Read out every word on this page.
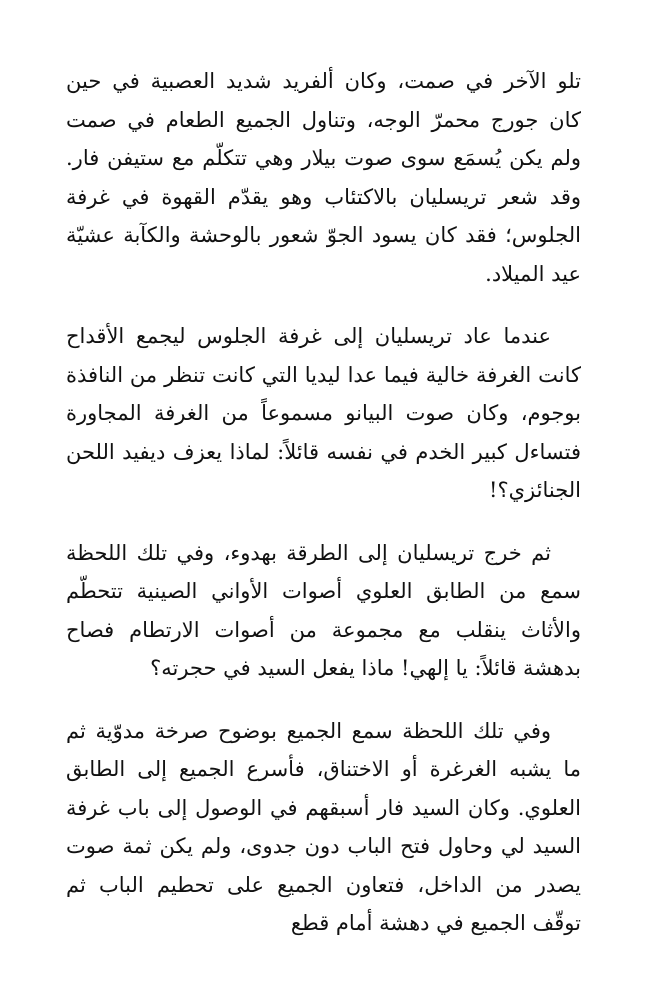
تلو الآخر في صمت، وكان ألفريد شديد العصبية في حين كان جورج محمرّ الوجه، وتناول الجميع الطعام في صمت ولم يكن يُسمَع سوى صوت بيلار وهي تتكلّم مع ستيفن فار. وقد شعر تريسليان بالاكتئاب وهو يقدّم القهوة في غرفة الجلوس؛ فقد كان يسود الجوّ شعور بالوحشة والكآبة عشيّة عيد الميلاد.

عندما عاد تريسليان إلى غرفة الجلوس ليجمع الأقداح كانت الغرفة خالية فيما عدا ليديا التي كانت تنظر من النافذة بوجوم، وكان صوت البيانو مسموعاً من الغرفة المجاورة فتساءل كبير الخدم في نفسه قائلاً: لماذا يعزف ديفيد اللحن الجنائزي؟!

ثم خرج تريسليان إلى الطرقة بهدوء، وفي تلك اللحظة سمع من الطابق العلوي أصوات الأواني الصينية تتحطّم والأثاث ينقلب مع مجموعة من أصوات الارتطام فصاح بدهشة قائلاً: يا إلهي! ماذا يفعل السيد في حجرته؟

وفي تلك اللحظة سمع الجميع بوضوح صرخة مدوّية ثم ما يشبه الغرغرة أو الاختناق، فأسرع الجميع إلى الطابق العلوي. وكان السيد فار أسبقهم في الوصول إلى باب غرفة السيد لي وحاول فتح الباب دون جدوى، ولم يكن ثمة صوت يصدر من الداخل، فتعاون الجميع على تحطيم الباب ثم توقّف الجميع في دهشة أمام قطع
